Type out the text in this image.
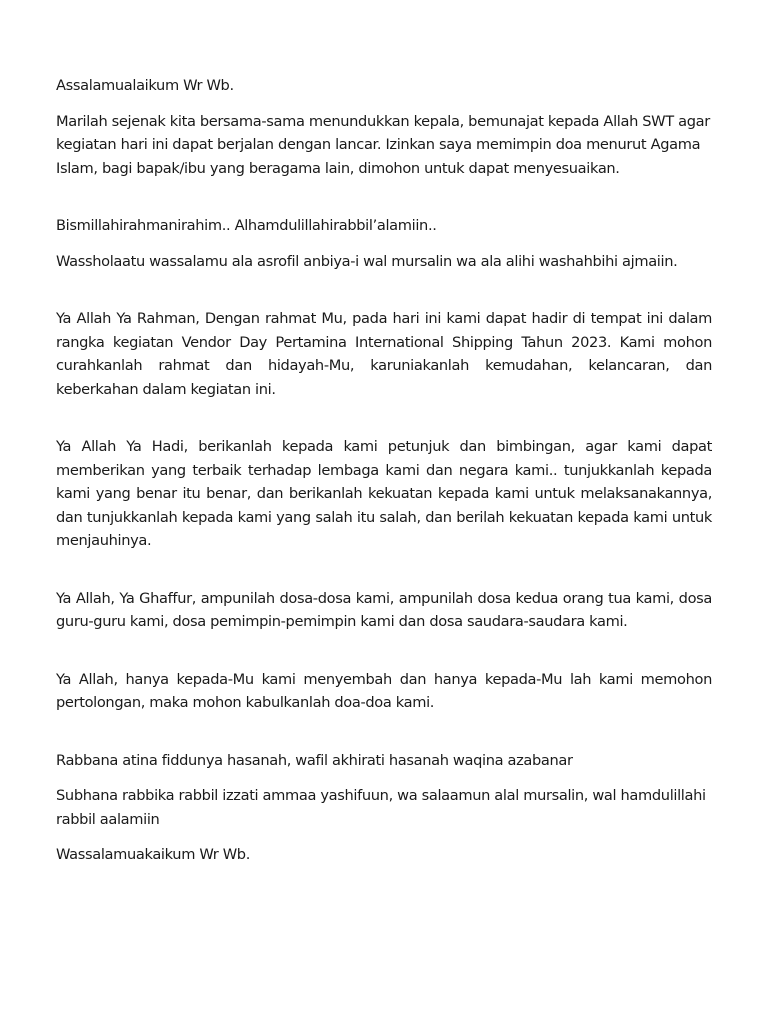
Assalamualaikum Wr Wb.

Marilah sejenak kita bersama-sama menundukkan kepala, bemunajat kepada Allah SWT agar kegiatan hari ini dapat berjalan dengan lancar. Izinkan saya memimpin doa menurut Agama Islam, bagi bapak/ibu yang beragama lain, dimohon untuk dapat menyesuaikan.

Bismillahirahmanirahim.. Alhamdulillahirabbil’alamiin..

Wassholaatu wassalamu ala asrofil anbiya-i wal mursalin wa ala alihi washahbihi ajmaiin.

Ya Allah Ya Rahman, Dengan rahmat Mu, pada hari ini kami dapat hadir di tempat ini dalam rangka kegiatan Vendor Day Pertamina International Shipping Tahun 2023. Kami mohon curahkanlah rahmat dan hidayah-Mu, karuniakanlah kemudahan, kelancaran, dan keberkahan dalam kegiatan ini.

Ya Allah Ya Hadi, berikanlah kepada kami petunjuk dan bimbingan, agar kami dapat memberikan yang terbaik terhadap lembaga kami dan negara kami.. tunjukkanlah kepada kami yang benar itu benar, dan berikanlah kekuatan kepada kami untuk melaksanakannya, dan tunjukkanlah kepada kami yang salah itu salah, dan berilah kekuatan kepada kami untuk menjauhinya.

Ya Allah, Ya Ghaffur, ampunilah dosa-dosa kami, ampunilah dosa kedua orang tua kami, dosa guru-guru kami, dosa pemimpin-pemimpin kami dan dosa saudara-saudara kami.

Ya Allah, hanya kepada-Mu kami menyembah dan hanya kepada-Mu lah kami memohon pertolongan, maka mohon kabulkanlah doa-doa kami.

Rabbana atina fiddunya hasanah, wafil akhirati hasanah waqina azabanar

Subhana rabbika rabbil izzati ammaa yashifuun, wa salaamun alal mursalin, wal hamdulillahi rabbil aalamiin

Wassalamuakaikum Wr Wb.
